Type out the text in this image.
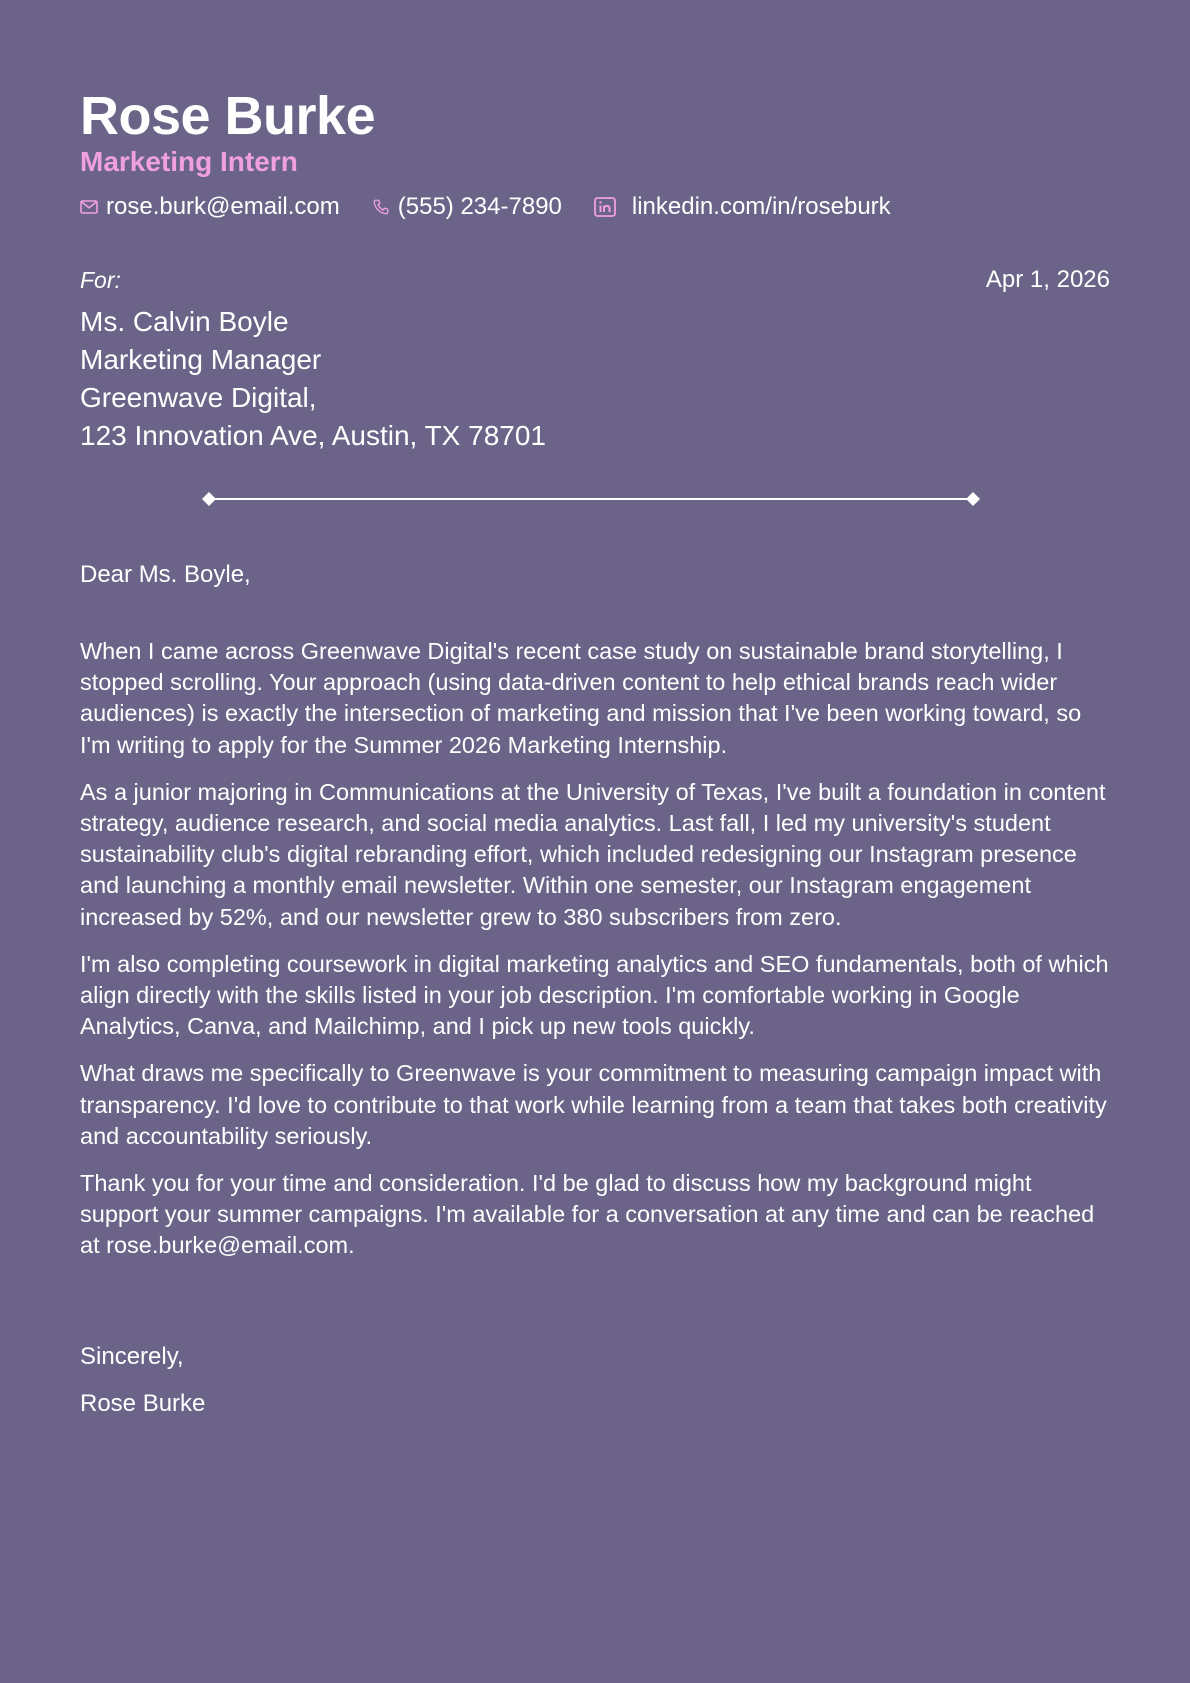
Rose Burke
Marketing Intern
rose.burk@email.com (555) 234-7890	linkedin.com/in/roseburk
For:	Apr 1, 2026
Ms. Calvin Boyle
Marketing Manager
Greenwave Digital,
123 Innovation Ave, Austin, TX 78701
Dear Ms. Boyle,

When I came across Greenwave Digital's recent case study on sustainable brand storytelling, I stopped scrolling. Your approach (using data-driven content to help ethical brands reach wider audiences) is exactly the intersection of marketing and mission that I've been working toward, so I'm writing to apply for the Summer 2026 Marketing Internship.

As a junior majoring in Communications at the University of Texas, I've built a foundation in content strategy, audience research, and social media analytics. Last fall, I led my university's student sustainability club's digital rebranding effort, which included redesigning our Instagram presence and launching a monthly email newsletter. Within one semester, our Instagram engagement increased by 52%, and our newsletter grew to 380 subscribers from zero.

I'm also completing coursework in digital marketing analytics and SEO fundamentals, both of which align directly with the skills listed in your job description. I'm comfortable working in Google Analytics, Canva, and Mailchimp, and I pick up new tools quickly.

What draws me specifically to Greenwave is your commitment to measuring campaign impact with transparency. I'd love to contribute to that work while learning from a team that takes both creativity and accountability seriously.

Thank you for your time and consideration. I'd be glad to discuss how my background might support your summer campaigns. I'm available for a conversation at any time and can be reached at rose.burke@email.com.

Sincerely,
Rose Burke
